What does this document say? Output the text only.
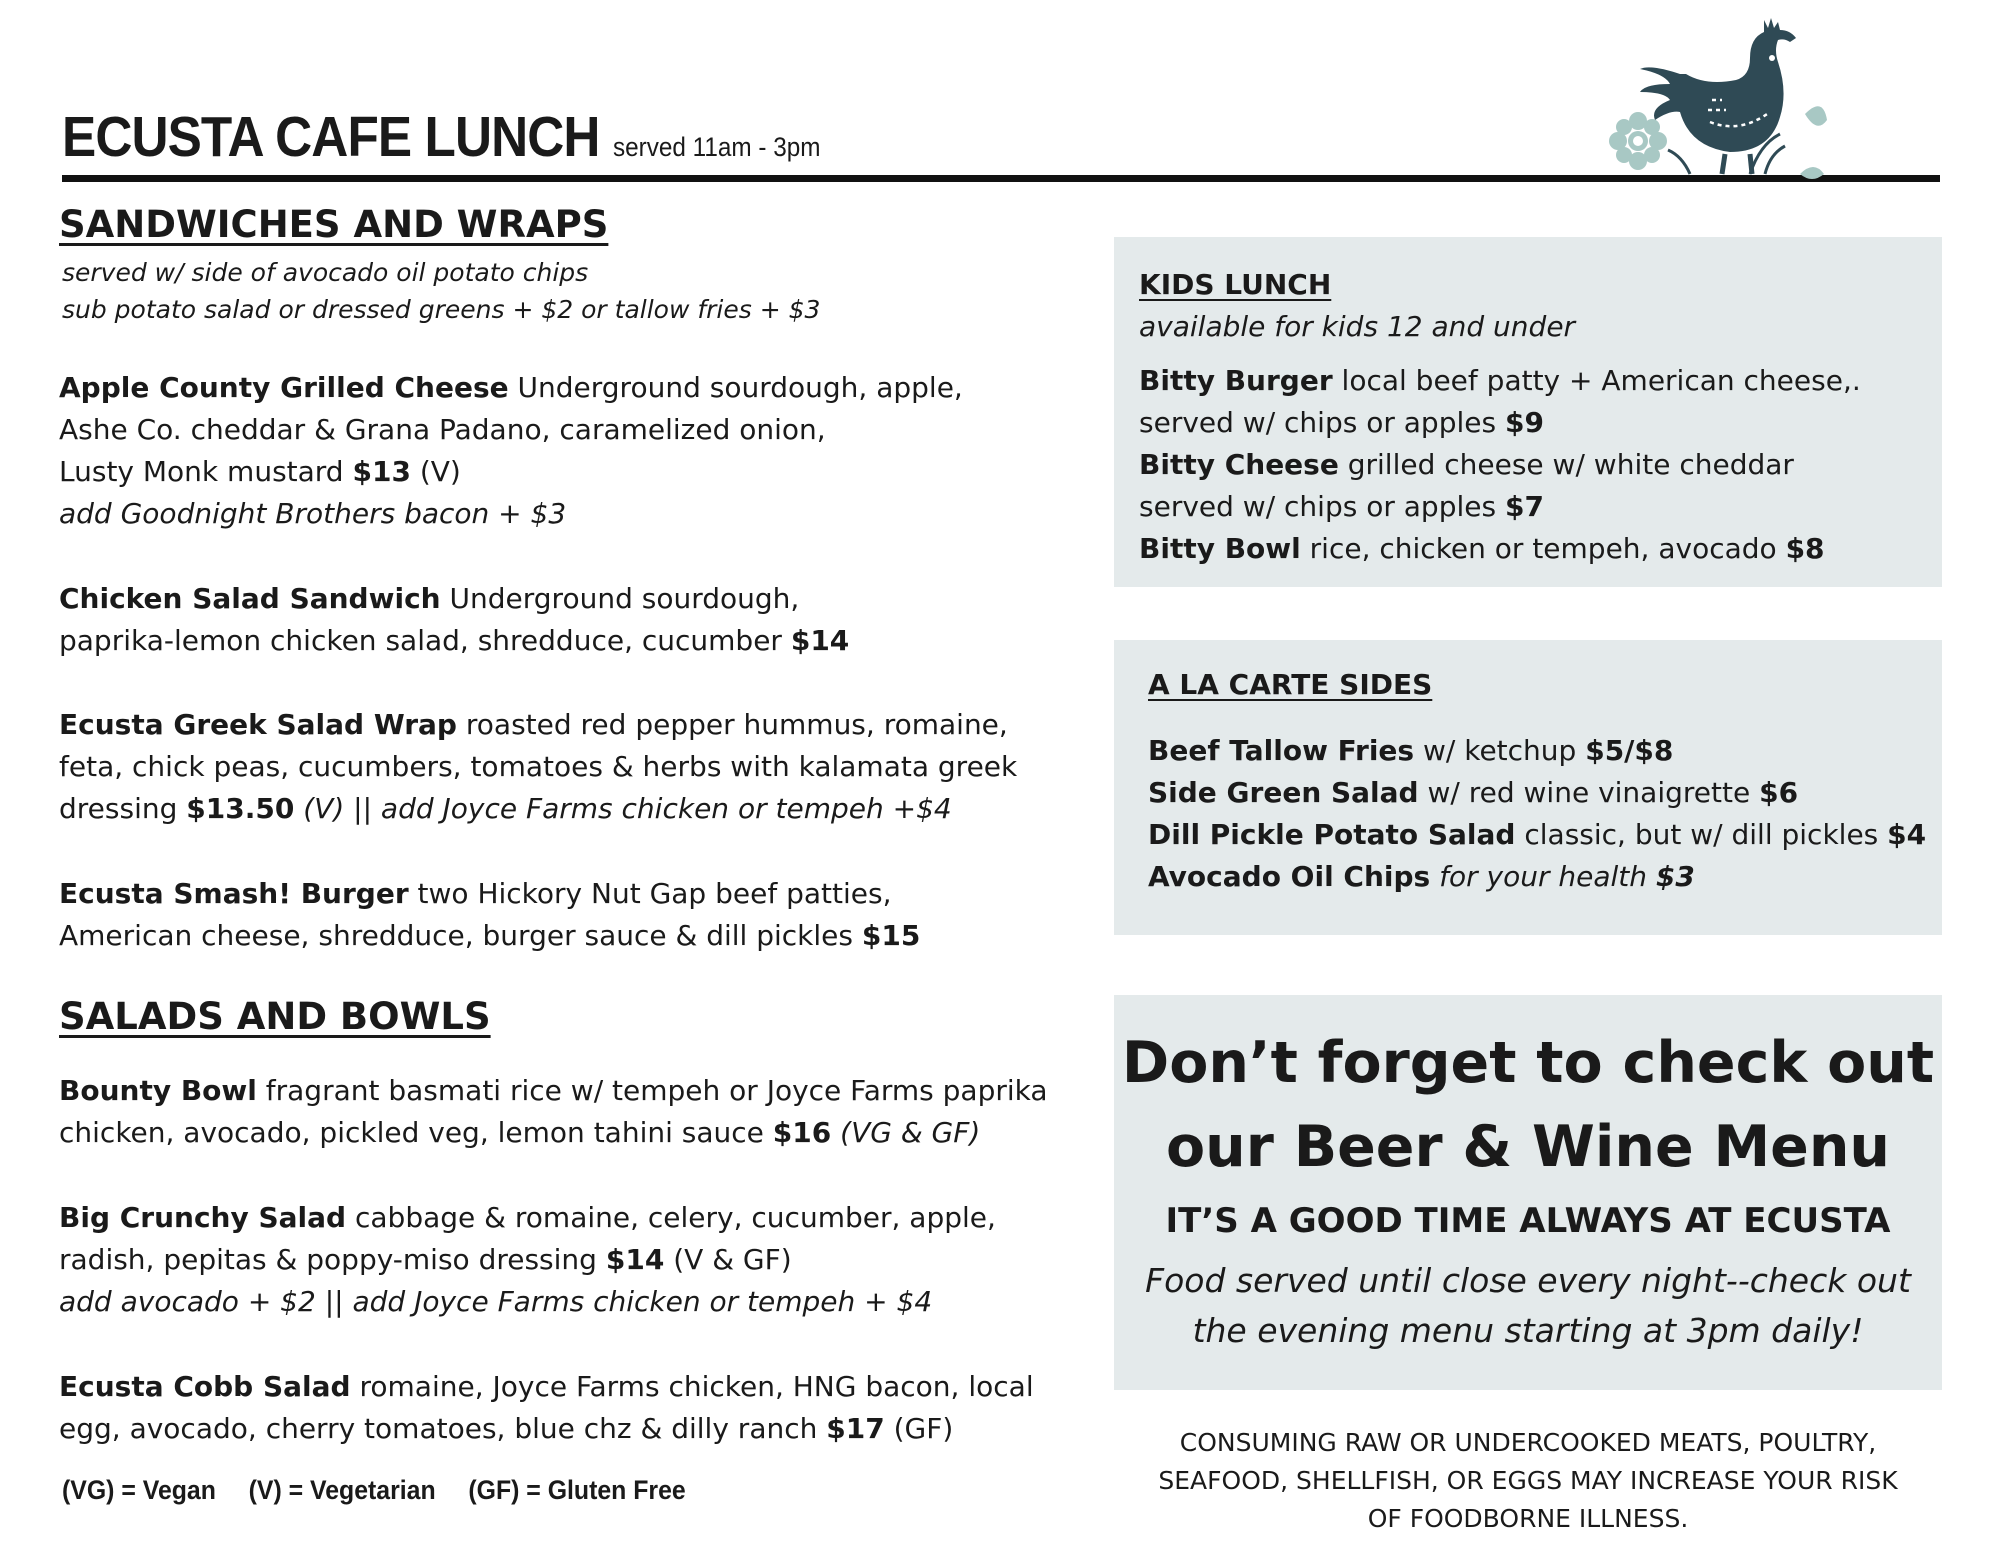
ECUSTA CAFE LUNCH served 11am - 3pm
SANDWICHES AND WRAPS
served w/ side of avocado oil potato chips
sub potato salad or dressed greens + $2 or tallow fries + $3
Apple County Grilled Cheese Underground sourdough, apple,
Ashe Co. cheddar & Grana Padano, caramelized onion,
Lusty Monk mustard $13 (V)
add Goodnight Brothers bacon + $3
Chicken Salad Sandwich Underground sourdough,
paprika-lemon chicken salad, shredduce, cucumber $14
Ecusta Greek Salad Wrap roasted red pepper hummus, romaine,
feta, chick peas, cucumbers, tomatoes & herbs with kalamata greek
dressing $13.50 (V) || add Joyce Farms chicken or tempeh +$4
Ecusta Smash! Burger two Hickory Nut Gap beef patties,
American cheese, shredduce, burger sauce & dill pickles $15
SALADS AND BOWLS
Bounty Bowl fragrant basmati rice w/ tempeh or Joyce Farms paprika
chicken, avocado, pickled veg, lemon tahini sauce $16 (VG & GF)
Big Crunchy Salad cabbage & romaine, celery, cucumber, apple,
radish, pepitas & poppy-miso dressing $14 (V & GF)
add avocado + $2 || add Joyce Farms chicken or tempeh + $4
Ecusta Cobb Salad romaine, Joyce Farms chicken, HNG bacon, local
egg, avocado, cherry tomatoes, blue chz & dilly ranch $17 (GF)
(VG) = Vegan (V) = Vegetarian (GF) = Gluten Free
KIDS LUNCH
available for kids 12 and under
Bitty Burger local beef patty + American cheese,.
served w/ chips or apples $9
Bitty Cheese grilled cheese w/ white cheddar
served w/ chips or apples $7
Bitty Bowl rice, chicken or tempeh, avocado $8
A LA CARTE SIDES
Beef Tallow Fries w/ ketchup $5/$8
Side Green Salad w/ red wine vinaigrette $6
Dill Pickle Potato Salad classic, but w/ dill pickles $4
Avocado Oil Chips for your health $3
Don’t forget to check out
our Beer & Wine Menu
IT’S A GOOD TIME ALWAYS AT ECUSTA
Food served until close every night--check out
the evening menu starting at 3pm daily!
CONSUMING RAW OR UNDERCOOKED MEATS, POULTRY,
SEAFOOD, SHELLFISH, OR EGGS MAY INCREASE YOUR RISK
OF FOODBORNE ILLNESS.
